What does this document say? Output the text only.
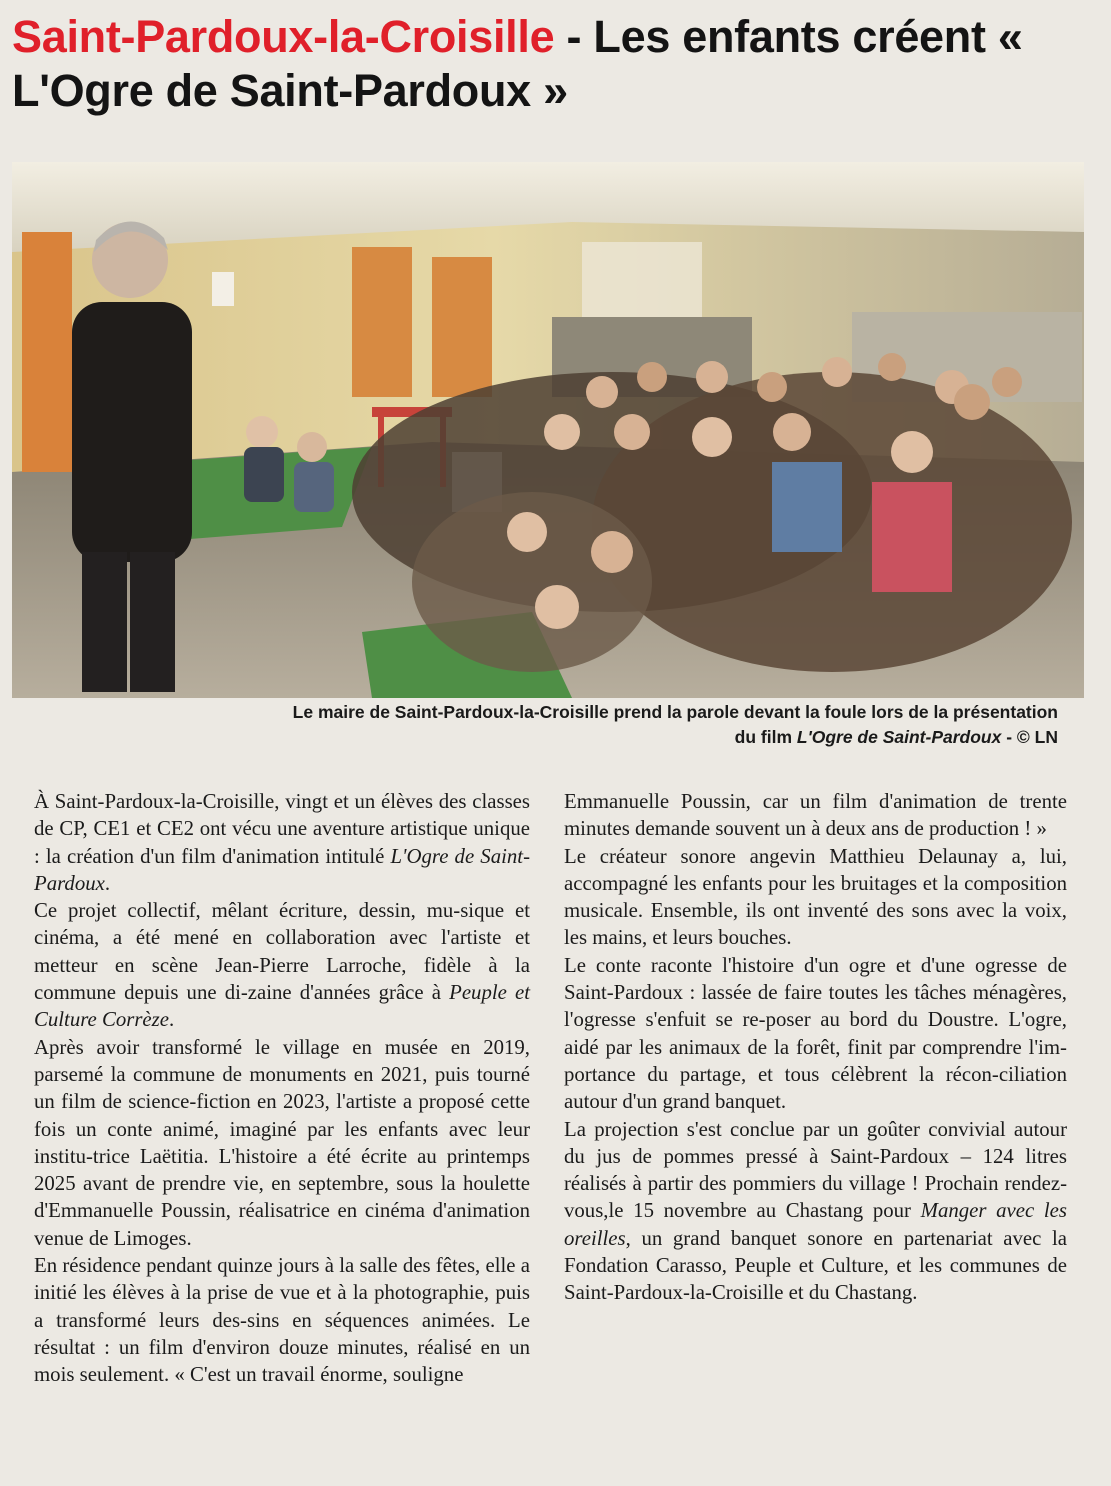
Saint-Pardoux-la-Croisille - Les enfants créent « L'Ogre de Saint-Pardoux »
Le maire de Saint-Pardoux-la-Croisille prend la parole devant la foule lors de la présentation
du film L'Ogre de Saint-Pardoux - © LN

À Saint-Pardoux-la-Croisille, vingt et un élèves des classes de CP, CE1 et CE2 ont vécu une aventure artistique unique : la création d'un film d'animation intitulé L'Ogre de Saint-Pardoux.

Ce projet collectif, mêlant écriture, dessin, mu-sique et cinéma, a été mené en collaboration avec l'artiste et metteur en scène Jean-Pierre Larroche, fidèle à la commune depuis une di-zaine d'années grâce à Peuple et Culture Corrèze.

Après avoir transformé le village en musée en 2019, parsemé la commune de monuments en 2021, puis tourné un film de science-fiction en 2023, l'artiste a proposé cette fois un conte animé, imaginé par les enfants avec leur institu-trice Laëtitia. L'histoire a été écrite au printemps 2025 avant de prendre vie, en septembre, sous la houlette d'Emmanuelle Poussin, réalisatrice en cinéma d'animation venue de Limoges.

En résidence pendant quinze jours à la salle des fêtes, elle a initié les élèves à la prise de vue et à la photographie, puis a transformé leurs des-sins en séquences animées. Le résultat : un film d'environ douze minutes, réalisé en un mois seulement. « C'est un travail énorme, souligne

Emmanuelle Poussin, car un film d'animation de trente minutes demande souvent un à deux ans de production ! »

Le créateur sonore angevin Matthieu Delaunay a, lui, accompagné les enfants pour les bruitages et la composition musicale. Ensemble, ils ont inventé des sons avec la voix, les mains, et leurs bouches.

Le conte raconte l'histoire d'un ogre et d'une ogresse de Saint-Pardoux : lassée de faire toutes les tâches ménagères, l'ogresse s'enfuit se re-poser au bord du Doustre. L'ogre, aidé par les animaux de la forêt, finit par comprendre l'im-portance du partage, et tous célèbrent la récon-ciliation autour d'un grand banquet.

La projection s'est conclue par un goûter convivial autour du jus de pommes pressé à Saint-Pardoux – 124 litres réalisés à partir des pommiers du village ! Prochain rendez-vous,le 15 novembre au Chastang pour Manger avec les oreilles, un grand banquet sonore en partenariat avec la Fondation Carasso, Peuple et Culture, et les communes de Saint-Pardoux-la-Croisille et du Chastang.
